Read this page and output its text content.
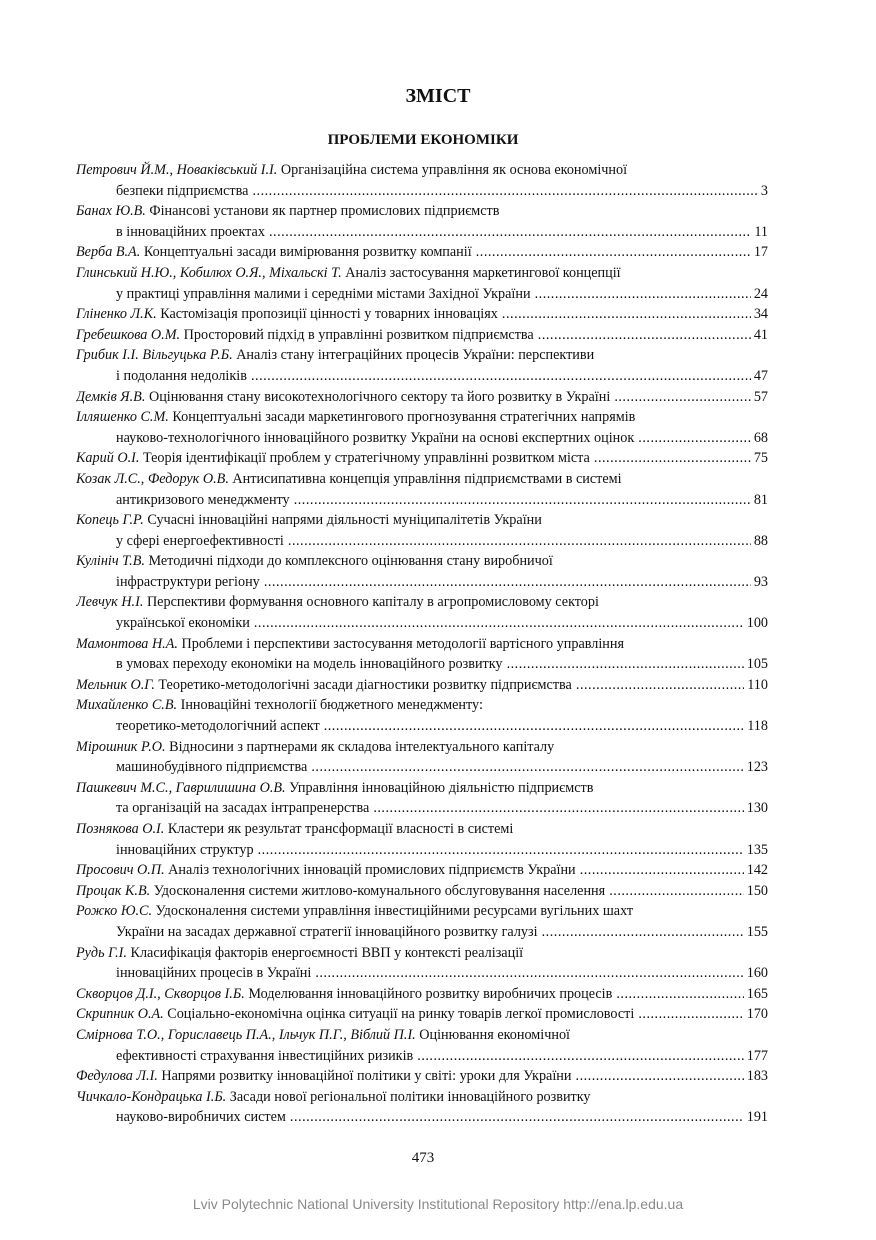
ЗМІСТ
ПРОБЛЕМИ ЕКОНОМІКИ
Петрович Й.М., Новаківський І.І. Організаційна система управління як основа економічної
безпеки підприємства .....	3
Банах Ю.В. Фінансові установи як партнер промислових підприємств
в інноваційних проектах .....	11
Верба В.А. Концептуальні засади вимірювання розвитку компанії .....	17
Глинський Н.Ю., Кобилюх О.Я., Міхальскі Т. Аналіз застосування маркетингової концепції
у практиці управління малими і середніми містами Західної України .....	24
Гліненко Л.К. Кастомізація пропозиції цінності у товарних інноваціях .....	34
Гребешкова О.М. Просторовий підхід в управлінні розвитком підприємства .....	41
Грибик І.І. Вільгуцька Р.Б. Аналіз стану інтеграційних процесів України: перспективи
і подолання недоліків .....	47
Демків Я.В. Оцінювання стану високотехнологічного сектору та його розвитку в Україні .....	57
Ілляшенко С.М. Концептуальні засади маркетингового прогнозування стратегічних напрямів
науково-технологічного інноваційного розвитку України на основі експертних оцінок .....	68
Карий О.І. Теорія ідентифікації проблем у стратегічному управлінні розвитком міста .....	75
Козак Л.С., Федорук О.В. Антисипативна концепція управління підприємствами в системі
антикризового менеджменту .....	81
Копець Г.Р. Сучасні інноваційні напрями діяльності муніципалітетів України
у сфері енергоефективності .....	88
Кулініч Т.В. Методичні підходи до комплексного оцінювання стану виробничої
інфраструктури регіону .....	93
Левчук Н.І. Перспективи формування основного капіталу в агропромисловому секторі
української економіки .....	100
Мамонтова Н.А. Проблеми і перспективи застосування методології вартісного управління
в умовах переходу економіки на модель інноваційного розвитку .....	105
Мельник О.Г. Теоретико-методологічні засади діагностики розвитку підприємства .....	110
Михайленко С.В. Інноваційні технології бюджетного менеджменту:
теоретико-методологічний аспект .....	118
Мірошник Р.О. Відносини з партнерами як складова інтелектуального капіталу
машинобудівного підприємства .....	123
Пашкевич М.С., Гаврилишина О.В. Управління інноваційною діяльністю підприємств
та організацій на засадах інтрапренерства .....	130
Познякова О.І. Кластери як результат трансформації власності в системі
інноваційних структур .....	135
Просович О.П. Аналіз технологічних інновацій промислових підприємств України .....	142
Процак К.В. Удосконалення системи житлово-комунального обслуговування населення .....	150
Рожко Ю.С. Удосконалення системи управління інвестиційними ресурсами вугільних шахт
України на засадах державної стратегії інноваційного розвитку галузі .....	155
Рудь Г.І. Класифікація факторів енергоємності ВВП у контексті реалізації
інноваційних процесів в Україні .....	160
Скворцов Д.І., Скворцов І.Б. Моделювання інноваційного розвитку виробничих процесів .....	165
Скрипник О.А. Соціально-економічна оцінка ситуації на ринку товарів легкої промисловості .....	170
Смірнова Т.О., Гориславець П.А., Ільчук П.Г., Віблий П.І. Оцінювання економічної
ефективності страхування інвестиційних ризиків .....	177
Федулова Л.І. Напрями розвитку інноваційної політики у світі: уроки для України .....	183
Чичкало-Кондрацька І.Б. Засади нової регіональної політики інноваційного розвитку
науково-виробничих систем .....	191
473
Lviv Polytechnic National University Institutional Repository http://ena.lp.edu.ua
